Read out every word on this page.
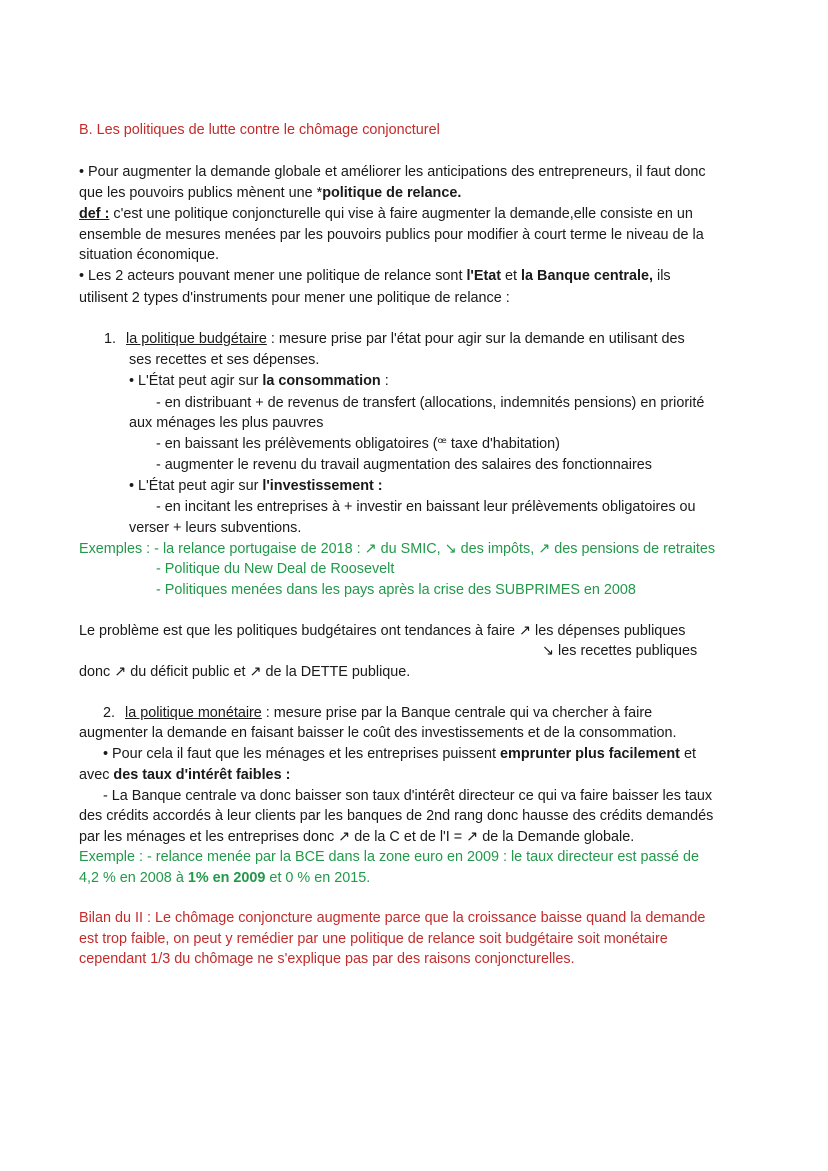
B. Les politiques de lutte contre le chômage conjoncturel
• Pour augmenter la demande globale et améliorer les anticipations des entrepreneurs, il faut donc
que les pouvoirs publics mènent une *politique de relance.
def : c'est une politique conjoncturelle qui vise à faire augmenter la demande,elle consiste en un
ensemble de mesures menées par les pouvoirs publics pour modifier à court terme le niveau de la
situation économique.
• Les 2 acteurs pouvant mener une politique de relance sont l'Etat et la Banque centrale, ils
utilisent 2 types d'instruments pour mener une politique de relance :
1. la politique budgétaire : mesure prise par l'état pour agir sur la demande en utilisant des
ses recettes et ses dépenses.
• L'État peut agir sur la consommation :
- en distribuant + de revenus de transfert (allocations, indemnités pensions) en priorité
aux ménages les plus pauvres
- en baissant les prélèvements obligatoires (ꟹ taxe d'habitation)
- augmenter le revenu du travail augmentation des salaires des fonctionnaires
• L'État peut agir sur l'investissement :
- en incitant les entreprises à + investir en baissant leur prélèvements obligatoires ou
verser + leurs subventions.
Exemples : - la relance portugaise de 2018 : ↗ du SMIC, ↘ des impôts, ↗ des pensions de retraites
- Politique du New Deal de Roosevelt
- Politiques menées dans les pays après la crise des SUBPRIMES en 2008
Le problème est que les politiques budgétaires ont tendances à faire ↗ les dépenses publiques
↘ les recettes publiques
donc ↗ du déficit public et ↗ de la DETTE publique.
2. la politique monétaire : mesure prise par la Banque centrale qui va chercher à faire
augmenter la demande en faisant baisser le coût des investissements et de la consommation.
• Pour cela il faut que les ménages et les entreprises puissent emprunter plus facilement et
avec des taux d'intérêt faibles :
- La Banque centrale va donc baisser son taux d'intérêt directeur ce qui va faire baisser les taux
des crédits accordés à leur clients par les banques de 2nd rang donc hausse des crédits demandés
par les ménages et les entreprises donc ↗ de la C et de l'I = ↗ de la Demande globale.
Exemple : - relance menée par la BCE dans la zone euro en 2009 : le taux directeur est passé de
4,2 % en 2008 à 1% en 2009 et 0 % en 2015.
Bilan du II : Le chômage conjoncture augmente parce que la croissance baisse quand la demande
est trop faible, on peut y remédier par une politique de relance soit budgétaire soit monétaire
cependant 1/3 du chômage ne s'explique pas par des raisons conjoncturelles.
